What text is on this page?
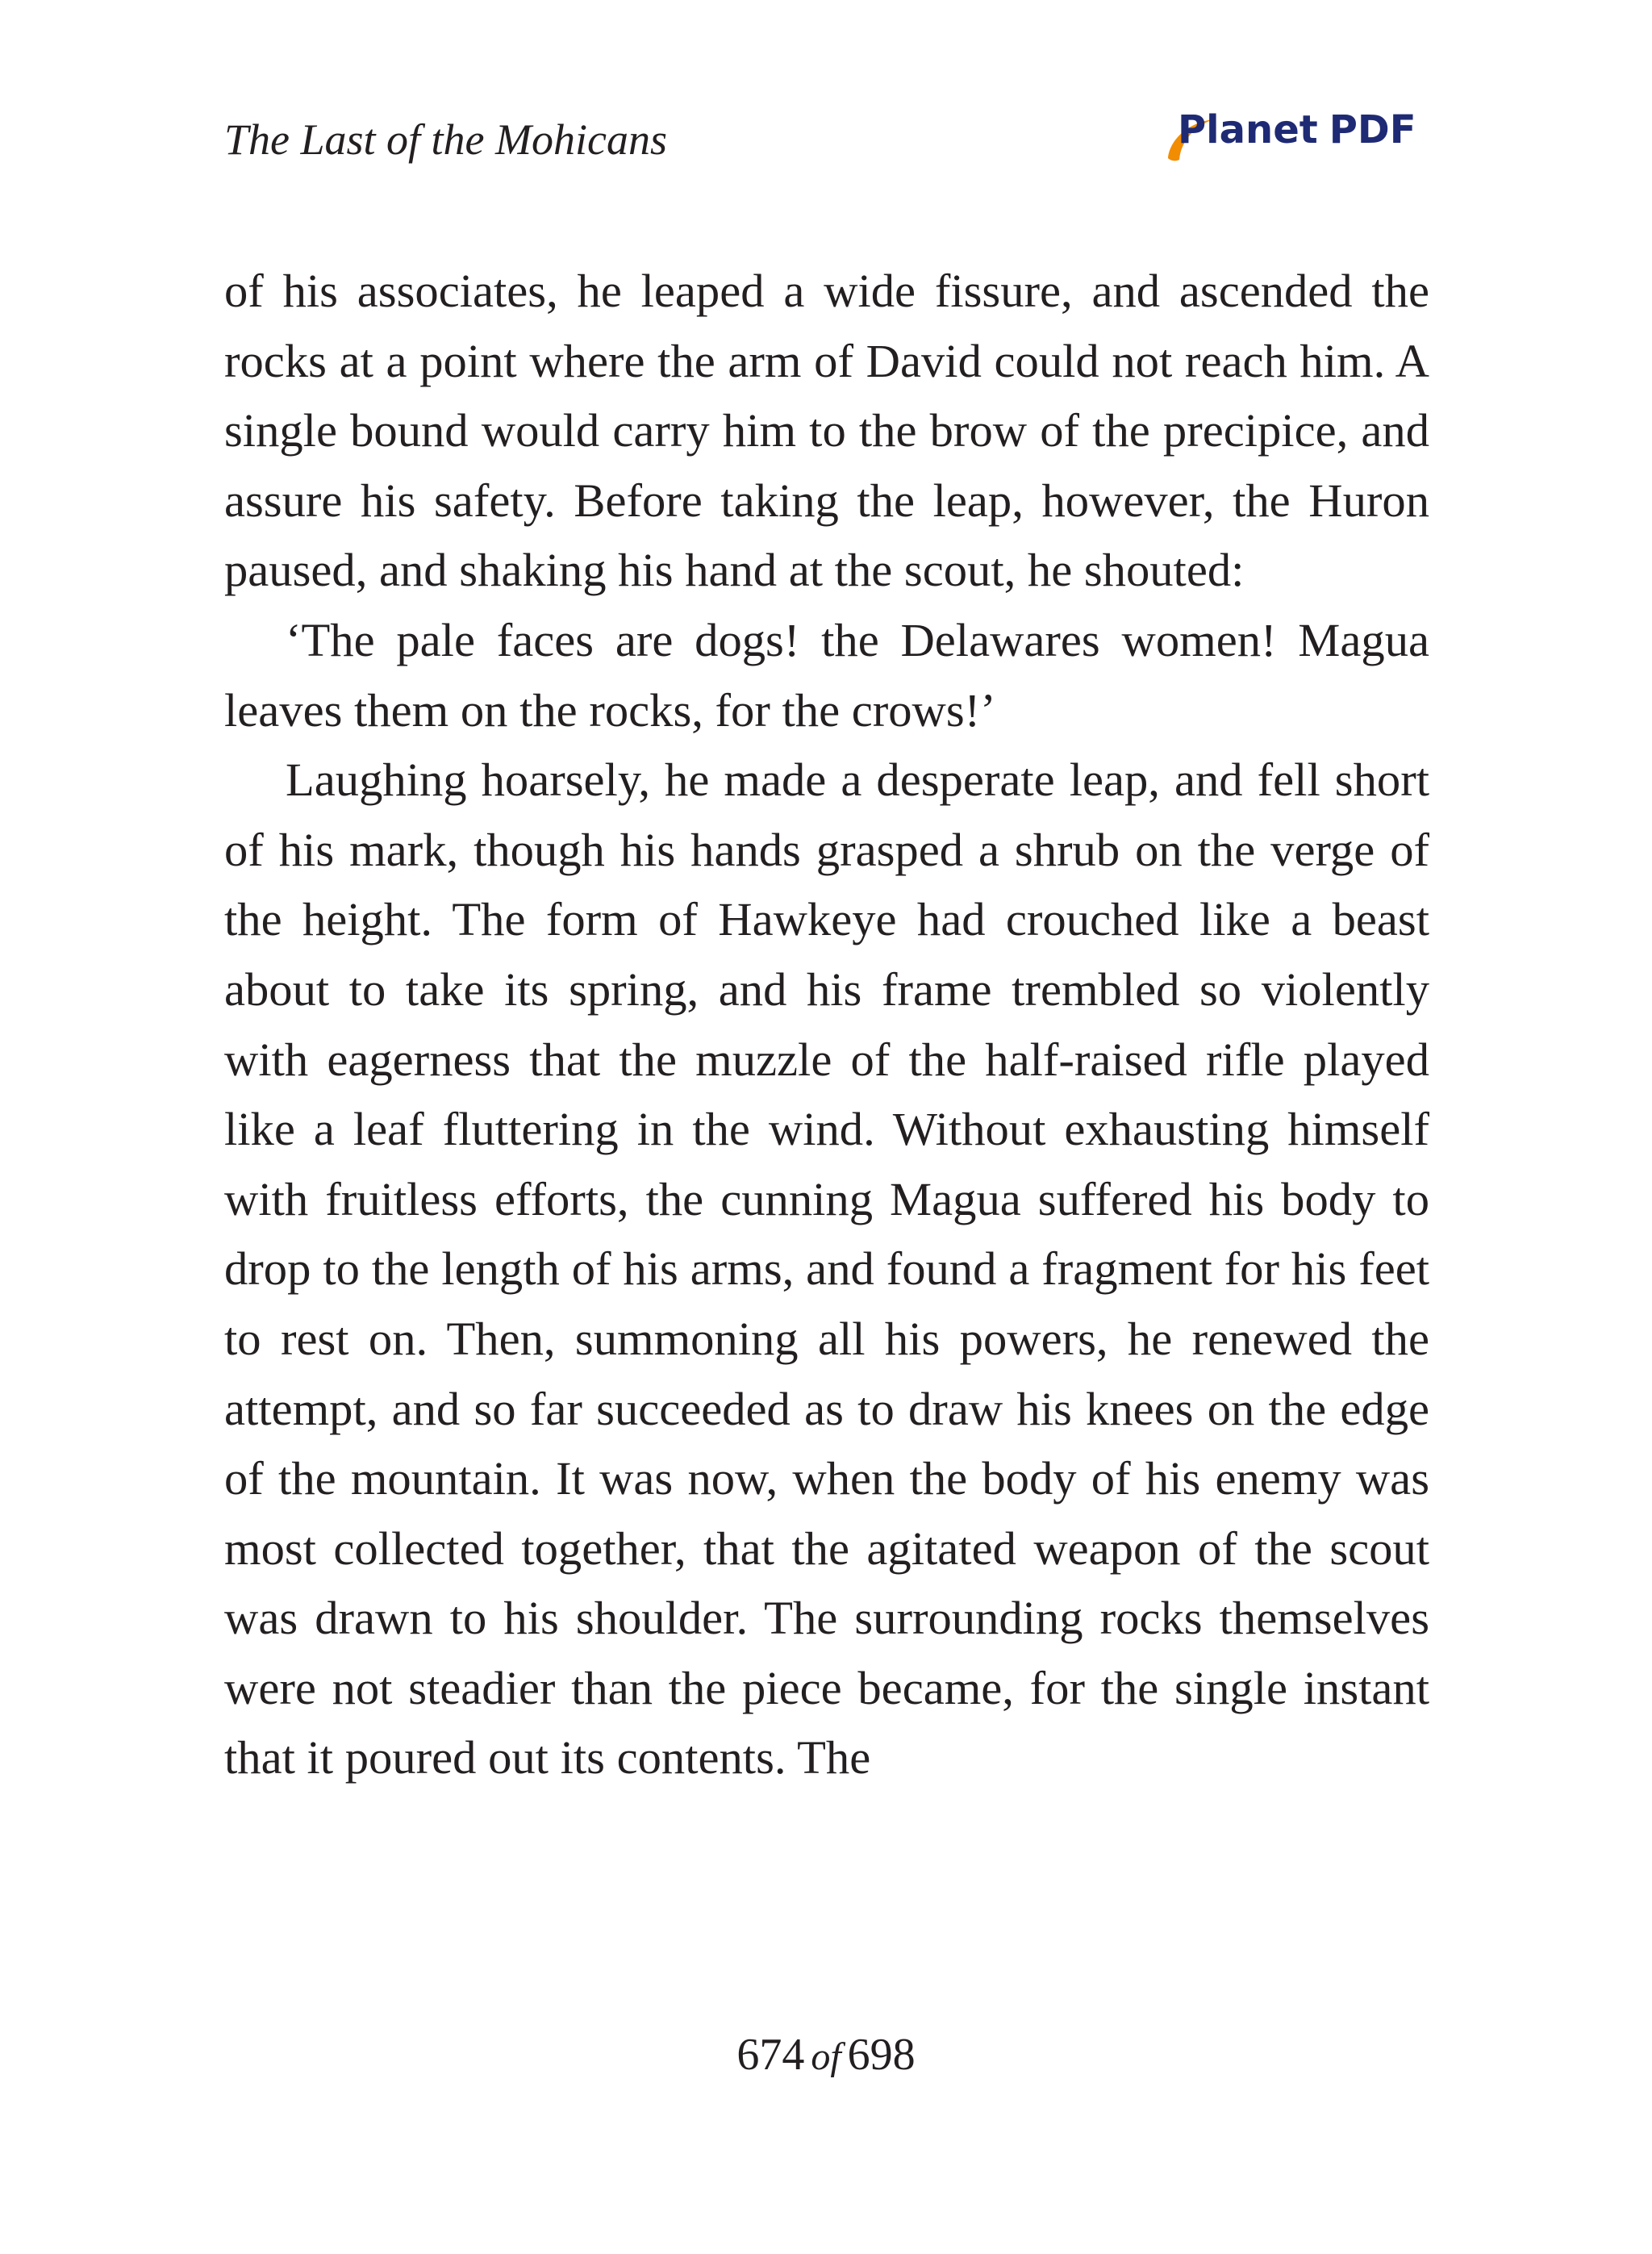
The Last of the Mohicans	Planet PDF

of his associates, he leaped a wide fissure, and ascended the rocks at a point where the arm of David could not reach him. A single bound would carry him to the brow of the precipice, and assure his safety. Before taking the leap, however, the Huron paused, and shaking his hand at the scout, he shouted:

‘The pale faces are dogs! the Delawares women! Magua leaves them on the rocks, for the crows!’

Laughing hoarsely, he made a desperate leap, and fell short of his mark, though his hands grasped a shrub on the verge of the height. The form of Hawkeye had crouched like a beast about to take its spring, and his frame trembled so violently with eagerness that the muzzle of the half-raised rifle played like a leaf fluttering in the wind. Without exhausting himself with fruitless efforts, the cunning Magua suffered his body to drop to the length of his arms, and found a fragment for his feet to rest on. Then, summoning all his powers, he renewed the attempt, and so far succeeded as to draw his knees on the edge of the mountain. It was now, when the body of his enemy was most collected together, that the agitated weapon of the scout was drawn to his shoulder. The surrounding rocks themselves were not steadier than the piece became, for the single instant that it poured out its contents. The

674 of 698
